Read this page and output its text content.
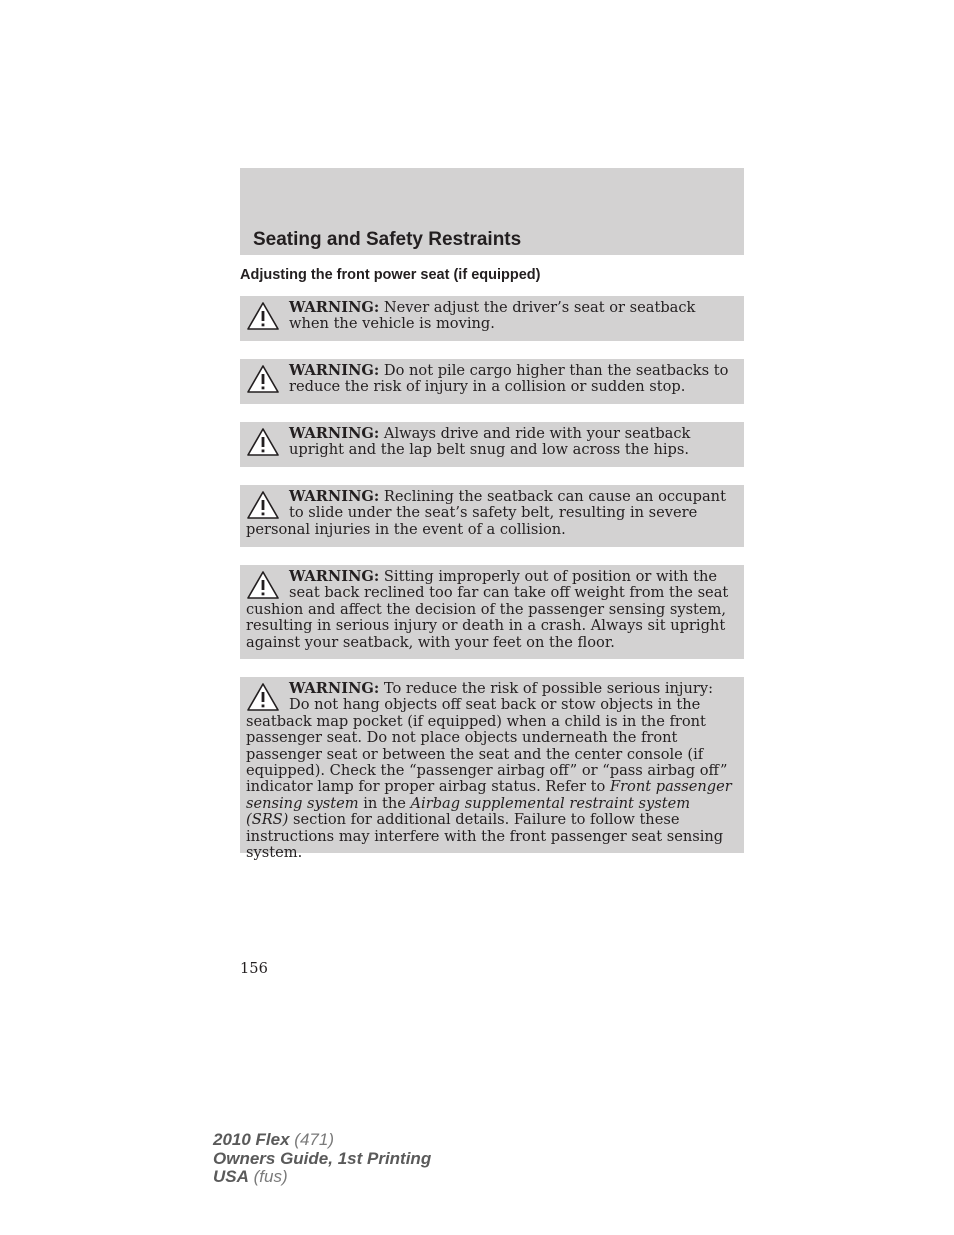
Seating and Safety Restraints
Adjusting the front power seat (if equipped)
WARNING: Never adjust the driver’s seat or seatback when the vehicle is moving.
WARNING: Do not pile cargo higher than the seatbacks to reduce the risk of injury in a collision or sudden stop.
WARNING: Always drive and ride with your seatback upright and the lap belt snug and low across the hips.
WARNING: Reclining the seatback can cause an occupant to slide under the seat’s safety belt, resulting in severe personal injuries in the event of a collision.
WARNING: Sitting improperly out of position or with the seat back reclined too far can take off weight from the seat cushion and affect the decision of the passenger sensing system, resulting in serious injury or death in a crash. Always sit upright against your seatback, with your feet on the floor.
WARNING: To reduce the risk of possible serious injury: Do not hang objects off seat back or stow objects in the seatback map pocket (if equipped) when a child is in the front passenger seat. Do not place objects underneath the front passenger seat or between the seat and the center console (if equipped). Check the “passenger airbag off” or “pass airbag off” indicator lamp for proper airbag status. Refer to Front passenger sensing system in the Airbag supplemental restraint system (SRS) section for additional details. Failure to follow these instructions may interfere with the front passenger seat sensing system.
156
2010 Flex (471)
Owners Guide, 1st Printing
USA (fus)
